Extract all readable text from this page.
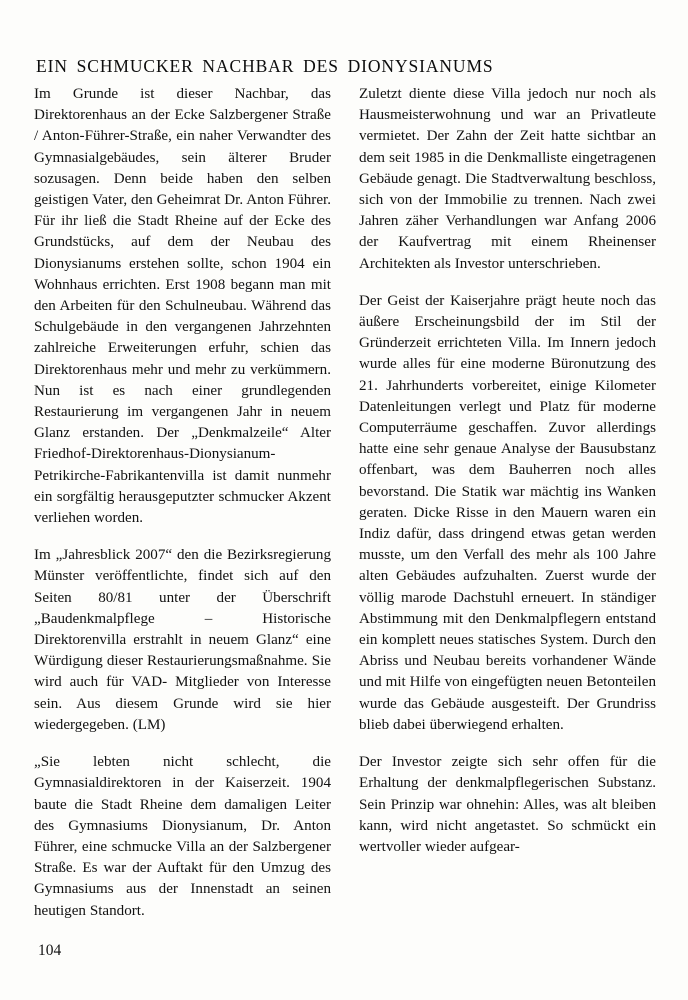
EIN SCHMUCKER NACHBAR DES DIONYSIANUMS

Im Grunde ist dieser Nachbar, das Direktorenhaus an der Ecke Salzbergener Straße / Anton-Führer-Straße, ein naher Verwandter des Gymnasialgebäudes, sein älterer Bruder sozusagen. Denn beide haben den selben geistigen Vater, den Geheimrat Dr. Anton Führer. Für ihr ließ die Stadt Rheine auf der Ecke des Grundstücks, auf dem der Neubau des Dionysianums erstehen sollte, schon 1904 ein Wohnhaus errichten. Erst 1908 begann man mit den Arbeiten für den Schulneubau. Während das Schulgebäude in den vergangenen Jahrzehnten zahlreiche Erweiterungen erfuhr, schien das Direktorenhaus mehr und mehr zu verkümmern. Nun ist es nach einer grundlegenden Restaurierung im vergangenen Jahr in neuem Glanz erstanden. Der „Denkmalzeile“ Alter Friedhof-Direktorenhaus-Dionysianum-Petrikirche-Fabrikantenvilla ist damit nunmehr ein sorgfältig herausgeputzter schmucker Akzent verliehen worden.

Im „Jahresblick 2007“ den die Bezirksregierung Münster veröffentlichte, findet sich auf den Seiten 80/81 unter der Überschrift „Baudenkmalpflege – Historische Direktorenvilla erstrahlt in neuem Glanz“ eine Würdigung dieser Restaurierungsmaßnahme. Sie wird auch für VAD- Mitglieder von Interesse sein. Aus diesem Grunde wird sie hier wiedergegeben. (LM)

„Sie lebten nicht schlecht, die Gymnasialdirektoren in der Kaiserzeit. 1904 baute die Stadt Rheine dem damaligen Leiter des Gymnasiums Dionysianum, Dr. Anton Führer, eine schmucke Villa an der Salzbergener Straße. Es war der Auftakt für den Umzug des Gymnasiums aus der Innenstadt an seinen heutigen Standort.

Zuletzt diente diese Villa jedoch nur noch als Hausmeisterwohnung und war an Privatleute vermietet. Der Zahn der Zeit hatte sichtbar an dem seit 1985 in die Denkmalliste eingetragenen Gebäude genagt. Die Stadtverwaltung beschloss, sich von der Immobilie zu trennen. Nach zwei Jahren zäher Verhandlungen war Anfang 2006 der Kaufvertrag mit einem Rheinenser Architekten als Investor unterschrieben.

Der Geist der Kaiserjahre prägt heute noch das äußere Erscheinungsbild der im Stil der Gründerzeit errichteten Villa. Im Innern jedoch wurde alles für eine moderne Büronutzung des 21. Jahrhunderts vorbereitet, einige Kilometer Datenleitungen verlegt und Platz für moderne Computerräume geschaffen. Zuvor allerdings hatte eine sehr genaue Analyse der Bausubstanz offenbart, was dem Bauherren noch alles bevorstand. Die Statik war mächtig ins Wanken geraten. Dicke Risse in den Mauern waren ein Indiz dafür, dass dringend etwas getan werden musste, um den Verfall des mehr als 100 Jahre alten Gebäudes aufzuhalten. Zuerst wurde der völlig marode Dachstuhl erneuert. In ständiger Abstimmung mit den Denkmalpflegern entstand ein komplett neues statisches System. Durch den Abriss und Neubau bereits vorhandener Wände und mit Hilfe von eingefügten neuen Betonteilen wurde das Gebäude ausgesteift. Der Grundriss blieb dabei überwiegend erhalten.

Der Investor zeigte sich sehr offen für die Erhaltung der denkmalpflegerischen Substanz. Sein Prinzip war ohnehin: Alles, was alt bleiben kann, wird nicht angetastet. So schmückt ein wertvoller wieder aufgear-

104
